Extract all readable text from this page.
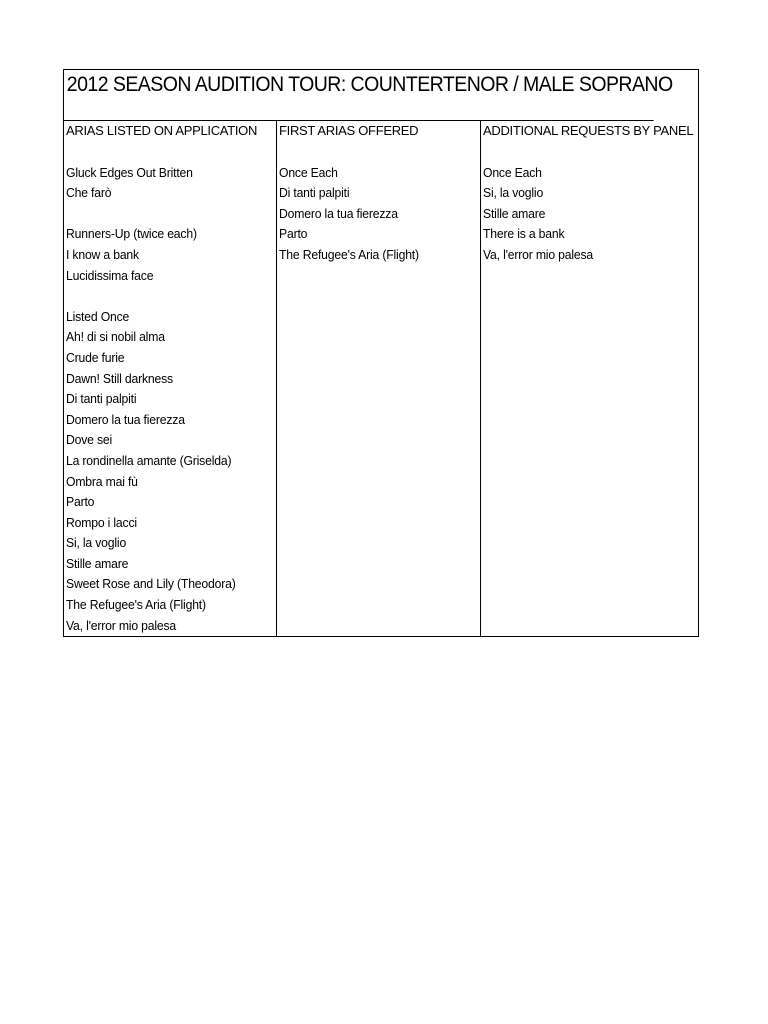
2012 SEASON AUDITION TOUR: COUNTERTENOR / MALE SOPRANO
ARIAS LISTED ON APPLICATION
Gluck Edges Out Britten
Che farò
Runners-Up (twice each)
I know a bank
Lucidissima face
Listed Once
Ah! di si nobil alma
Crude furie
Dawn! Still darkness
Di tanti palpiti
Domero la tua fierezza
Dove sei
La rondinella amante (Griselda)
Ombra mai fù
Parto
Rompo i lacci
Si, la voglio
Stille amare
Sweet Rose and Lily (Theodora)
The Refugee's Aria (Flight)
Va, l'error mio palesa
FIRST ARIAS OFFERED
Once Each
Di tanti palpiti
Domero la tua fierezza
Parto
The Refugee's Aria (Flight)
ADDITIONAL REQUESTS BY PANEL
Once Each
Si, la voglio
Stille amare
There is a bank
Va, l'error mio palesa
